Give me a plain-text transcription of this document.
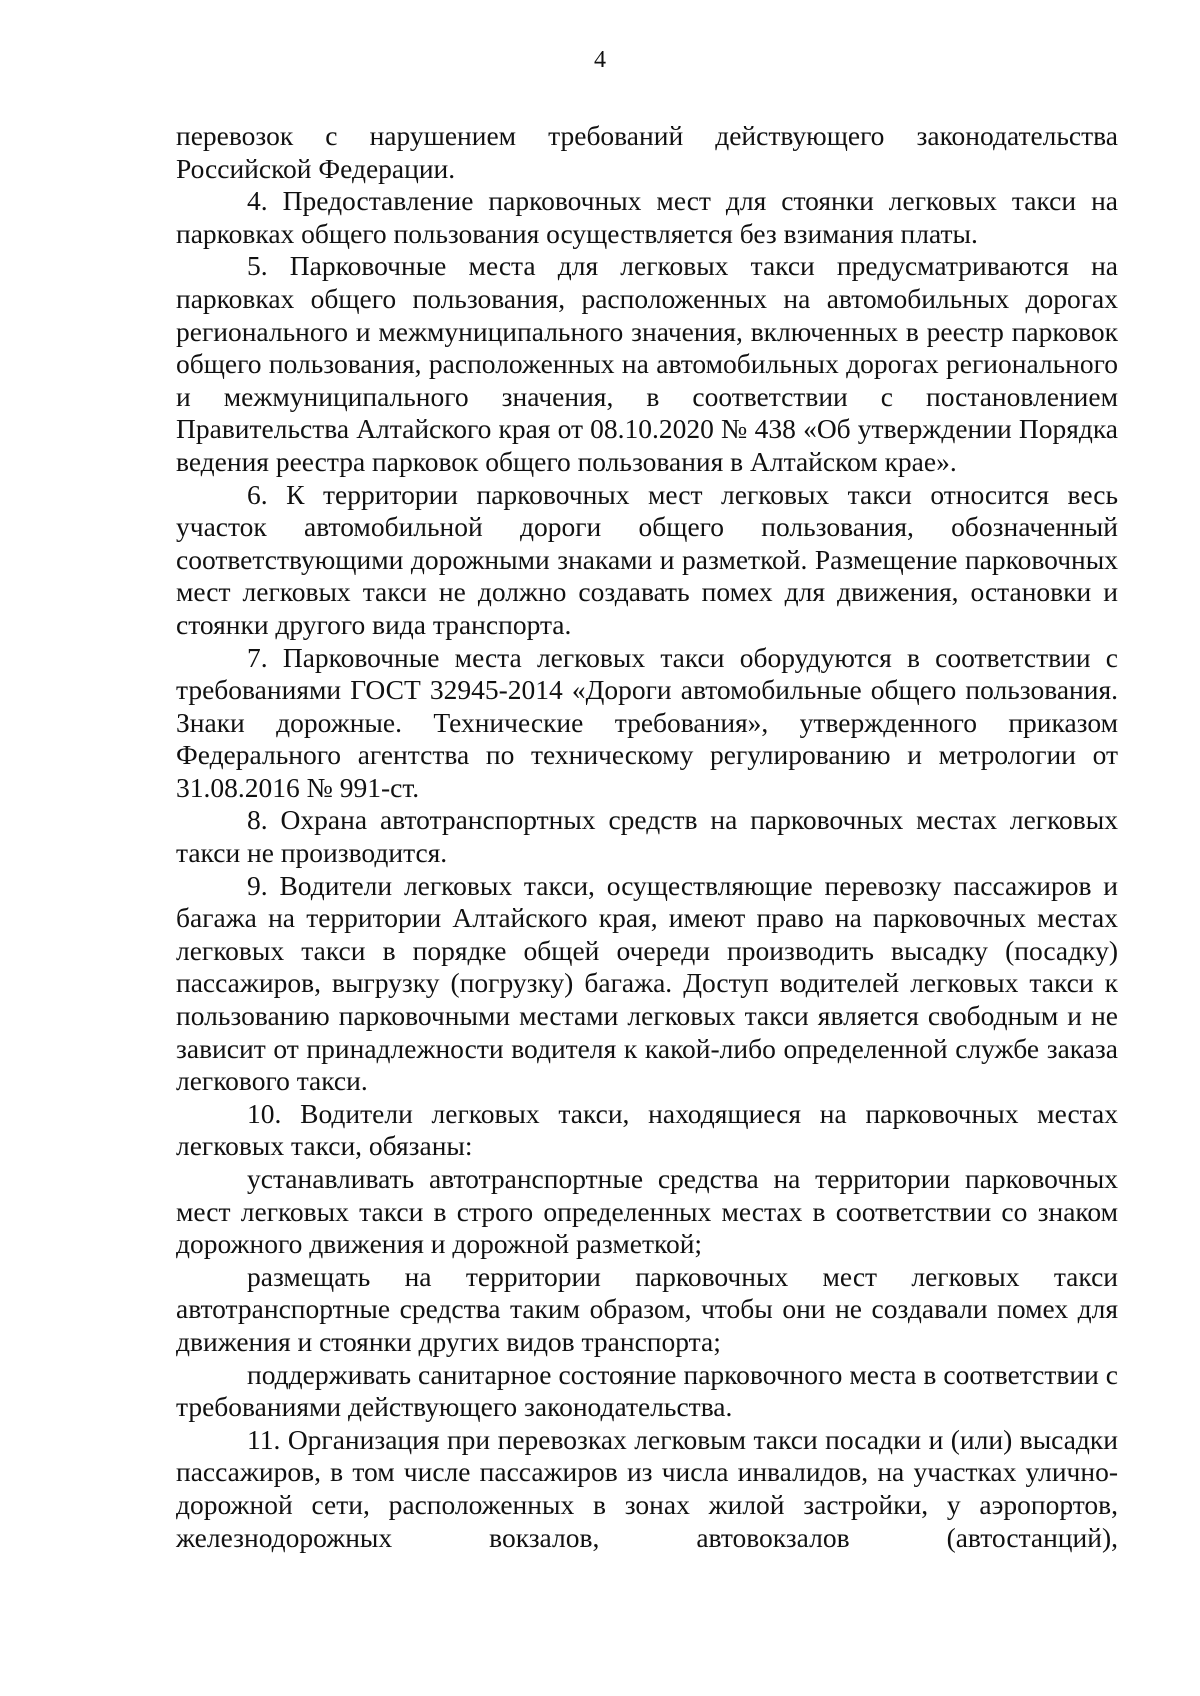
4

перевозок с нарушением требований действующего законодательства Российской Федерации.

4. Предоставление парковочных мест для стоянки легковых такси на парковках общего пользования осуществляется без взимания платы.

5. Парковочные места для легковых такси предусматриваются на парковках общего пользования, расположенных на автомобильных дорогах регионального и межмуниципального значения, включенных в реестр парковок общего пользования, расположенных на автомобильных дорогах регионального и межмуниципального значения, в соответствии с постановлением Правительства Алтайского края от 08.10.2020 № 438 «Об утверждении Порядка ведения реестра парковок общего пользования в Алтайском крае».

6. К территории парковочных мест легковых такси относится весь участок автомобильной дороги общего пользования, обозначенный соответствующими дорожными знаками и разметкой. Размещение парковочных мест легковых такси не должно создавать помех для движения, остановки и стоянки другого вида транспорта.

7. Парковочные места легковых такси оборудуются в соответствии с требованиями ГОСТ 32945-2014 «Дороги автомобильные общего пользования. Знаки дорожные. Технические требования», утвержденного приказом Федерального агентства по техническому регулированию и метрологии от 31.08.2016 № 991-ст.

8. Охрана автотранспортных средств на парковочных местах легковых такси не производится.

9. Водители легковых такси, осуществляющие перевозку пассажиров и багажа на территории Алтайского края, имеют право на парковочных местах легковых такси в порядке общей очереди производить высадку (посадку) пассажиров, выгрузку (погрузку) багажа. Доступ водителей легковых такси к пользованию парковочными местами легковых такси является свободным и не зависит от принадлежности водителя к какой-либо определенной службе заказа легкового такси.

10. Водители легковых такси, находящиеся на парковочных местах легковых такси, обязаны:

устанавливать автотранспортные средства на территории парковочных мест легковых такси в строго определенных местах в соответствии со знаком дорожного движения и дорожной разметкой;

размещать на территории парковочных мест легковых такси автотранспортные средства таким образом, чтобы они не создавали помех для движения и стоянки других видов транспорта;

поддерживать санитарное состояние парковочного места в соответствии с требованиями действующего законодательства.

11. Организация при перевозках легковым такси посадки и (или) высадки пассажиров, в том числе пассажиров из числа инвалидов, на участках улично-дорожной сети, расположенных в зонах жилой застройки, у аэропортов, железнодорожных вокзалов, автовокзалов (автостанций),
